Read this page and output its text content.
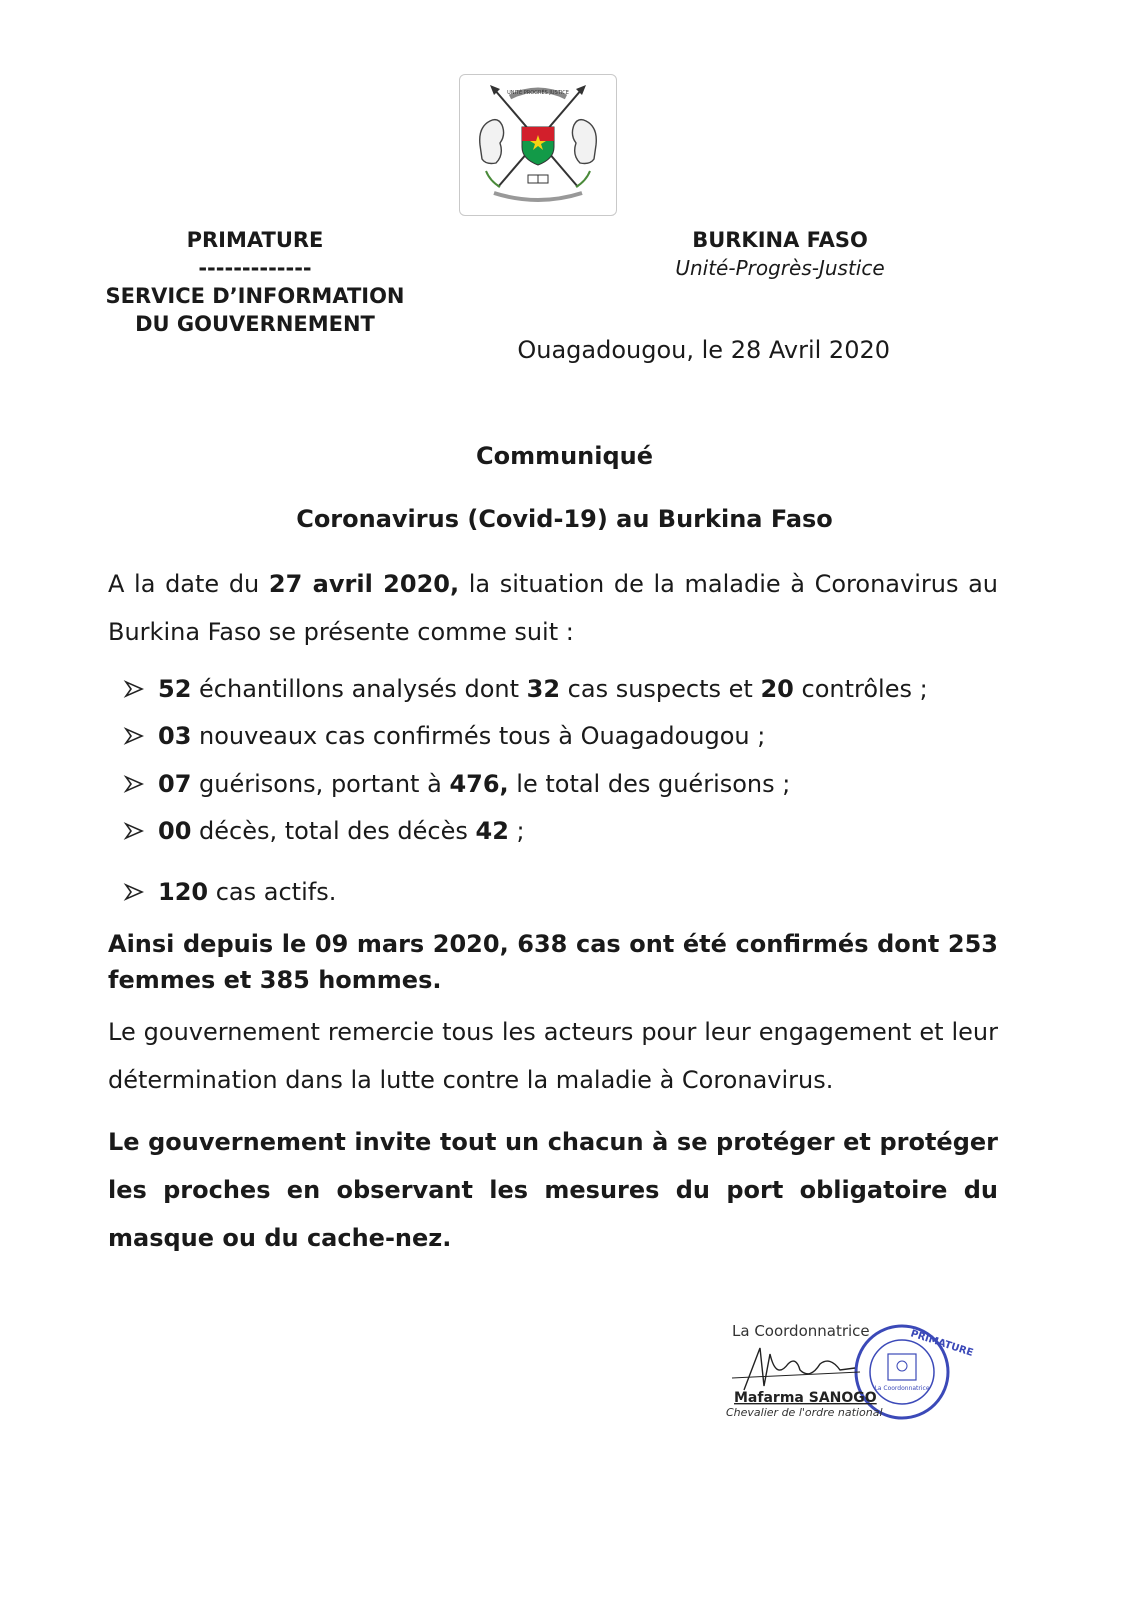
UNITÉ PROGRÈS JUSTICE
PRIMATURE
-------------
SERVICE D’INFORMATION
DU GOUVERNEMENT
BURKINA FASO
Unité-Progrès-Justice
Ouagadougou, le 28 Avril 2020
Communiqué
Coronavirus (Covid-19) au Burkina Faso
A la date du 27 avril 2020, la situation de la maladie à Coronavirus au Burkina Faso se présente comme suit :
52 échantillons analysés dont 32 cas suspects et 20 contrôles ;
03 nouveaux cas confirmés tous à Ouagadougou ;
07 guérisons, portant à 476, le total des guérisons ;
00 décès, total des décès 42 ;
120 cas actifs.
Ainsi depuis le 09 mars 2020, 638 cas ont été confirmés dont 253 femmes et 385 hommes.
Le gouvernement remercie tous les acteurs pour leur engagement et leur détermination dans la lutte contre la maladie à Coronavirus.
Le gouvernement invite tout un chacun à se protéger et protéger les proches en observant les mesures du port obligatoire du masque ou du cache-nez.
La Coordonnatrice
PRIMATURE
La Coordonnatrice
Mafarma SANOGO
Chevalier de l'ordre national
